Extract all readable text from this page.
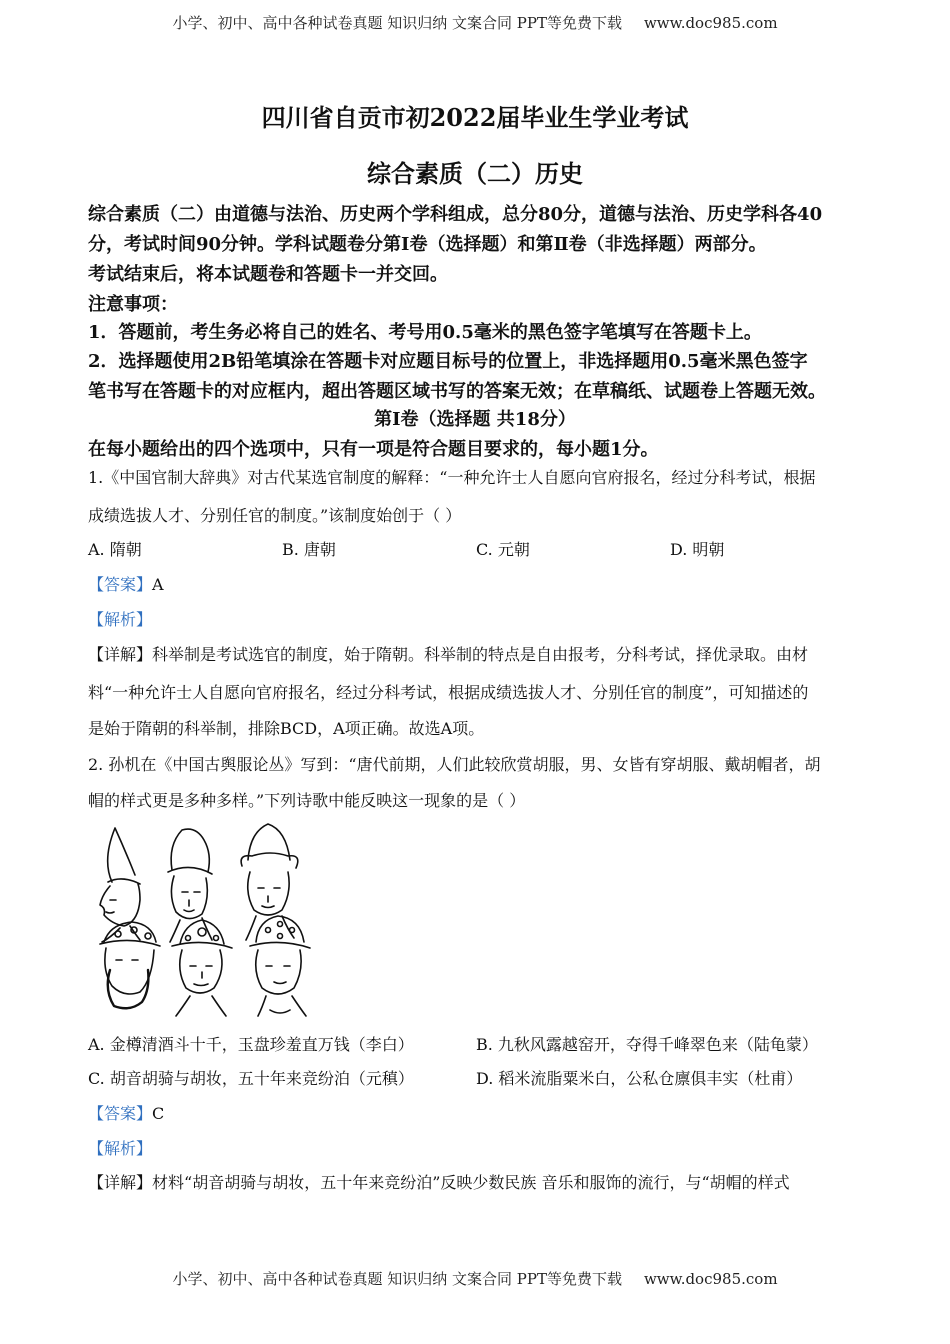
小学、初中、高中各种试卷真题 知识归纳 文案合同 PPT等免费下载 www.doc985.com
小学、初中、高中各种试卷真题 知识归纳 文案合同 PPT等免费下载 www.doc985.com
四川省自贡市初2022届毕业生学业考试
综合素质（二）历史
综合素质（二）由道德与法治、历史两个学科组成，总分80分，道德与法治、历史学科各40
分，考试时间90分钟。学科试题卷分第Ⅰ卷（选择题）和第Ⅱ卷（非选择题）两部分。
考试结束后，将本试题卷和答题卡一并交回。
注意事项：
1．答题前，考生务必将自己的姓名、考号用0.5毫米的黑色签字笔填写在答题卡上。
2．选择题使用2B铅笔填涂在答题卡对应题目标号的位置上，非选择题用0.5毫米黑色签字
笔书写在答题卡的对应框内，超出答题区域书写的答案无效；在草稿纸、试题卷上答题无效。
第Ⅰ卷（选择题 共18分）
在每小题给出的四个选项中，只有一项是符合题目要求的，每小题1分。
1.《中国官制大辞典》对古代某选官制度的解释：“一种允许士人自愿向官府报名，经过分科考试，根据
成绩选拔人才、分别任官的制度。”该制度始创于（ ）
A. 隋朝	B. 唐朝	C. 元朝	D. 明朝
【答案】A
【解析】
【详解】科举制是考试选官的制度，始于隋朝。科举制的特点是自由报考，分科考试，择优录取。由材
料“一种允许士人自愿向官府报名，经过分科考试，根据成绩选拔人才、分别任官的制度”，可知描述的
是始于隋朝的科举制，排除BCD，A项正确。故选A项。
2. 孙机在《中国古舆服论丛》写到：“唐代前期，人们此较欣赏胡服，男、女皆有穿胡服、戴胡帽者，胡
帽的样式更是多种多样。”下列诗歌中能反映这一现象的是（ ）
A. 金樽清酒斗十千，玉盘珍羞直万钱（李白）	B. 九秋风露越窑开，夺得千峰翠色来（陆龟蒙）
C. 胡音胡骑与胡妆，五十年来竞纷泊（元稹）	D. 稻米流脂粟米白，公私仓廪俱丰实（杜甫）
【答案】C
【解析】
【详解】材料“胡音胡骑与胡妆，五十年来竞纷泊”反映少数民族 音乐和服饰的流行，与“胡帽的样式
